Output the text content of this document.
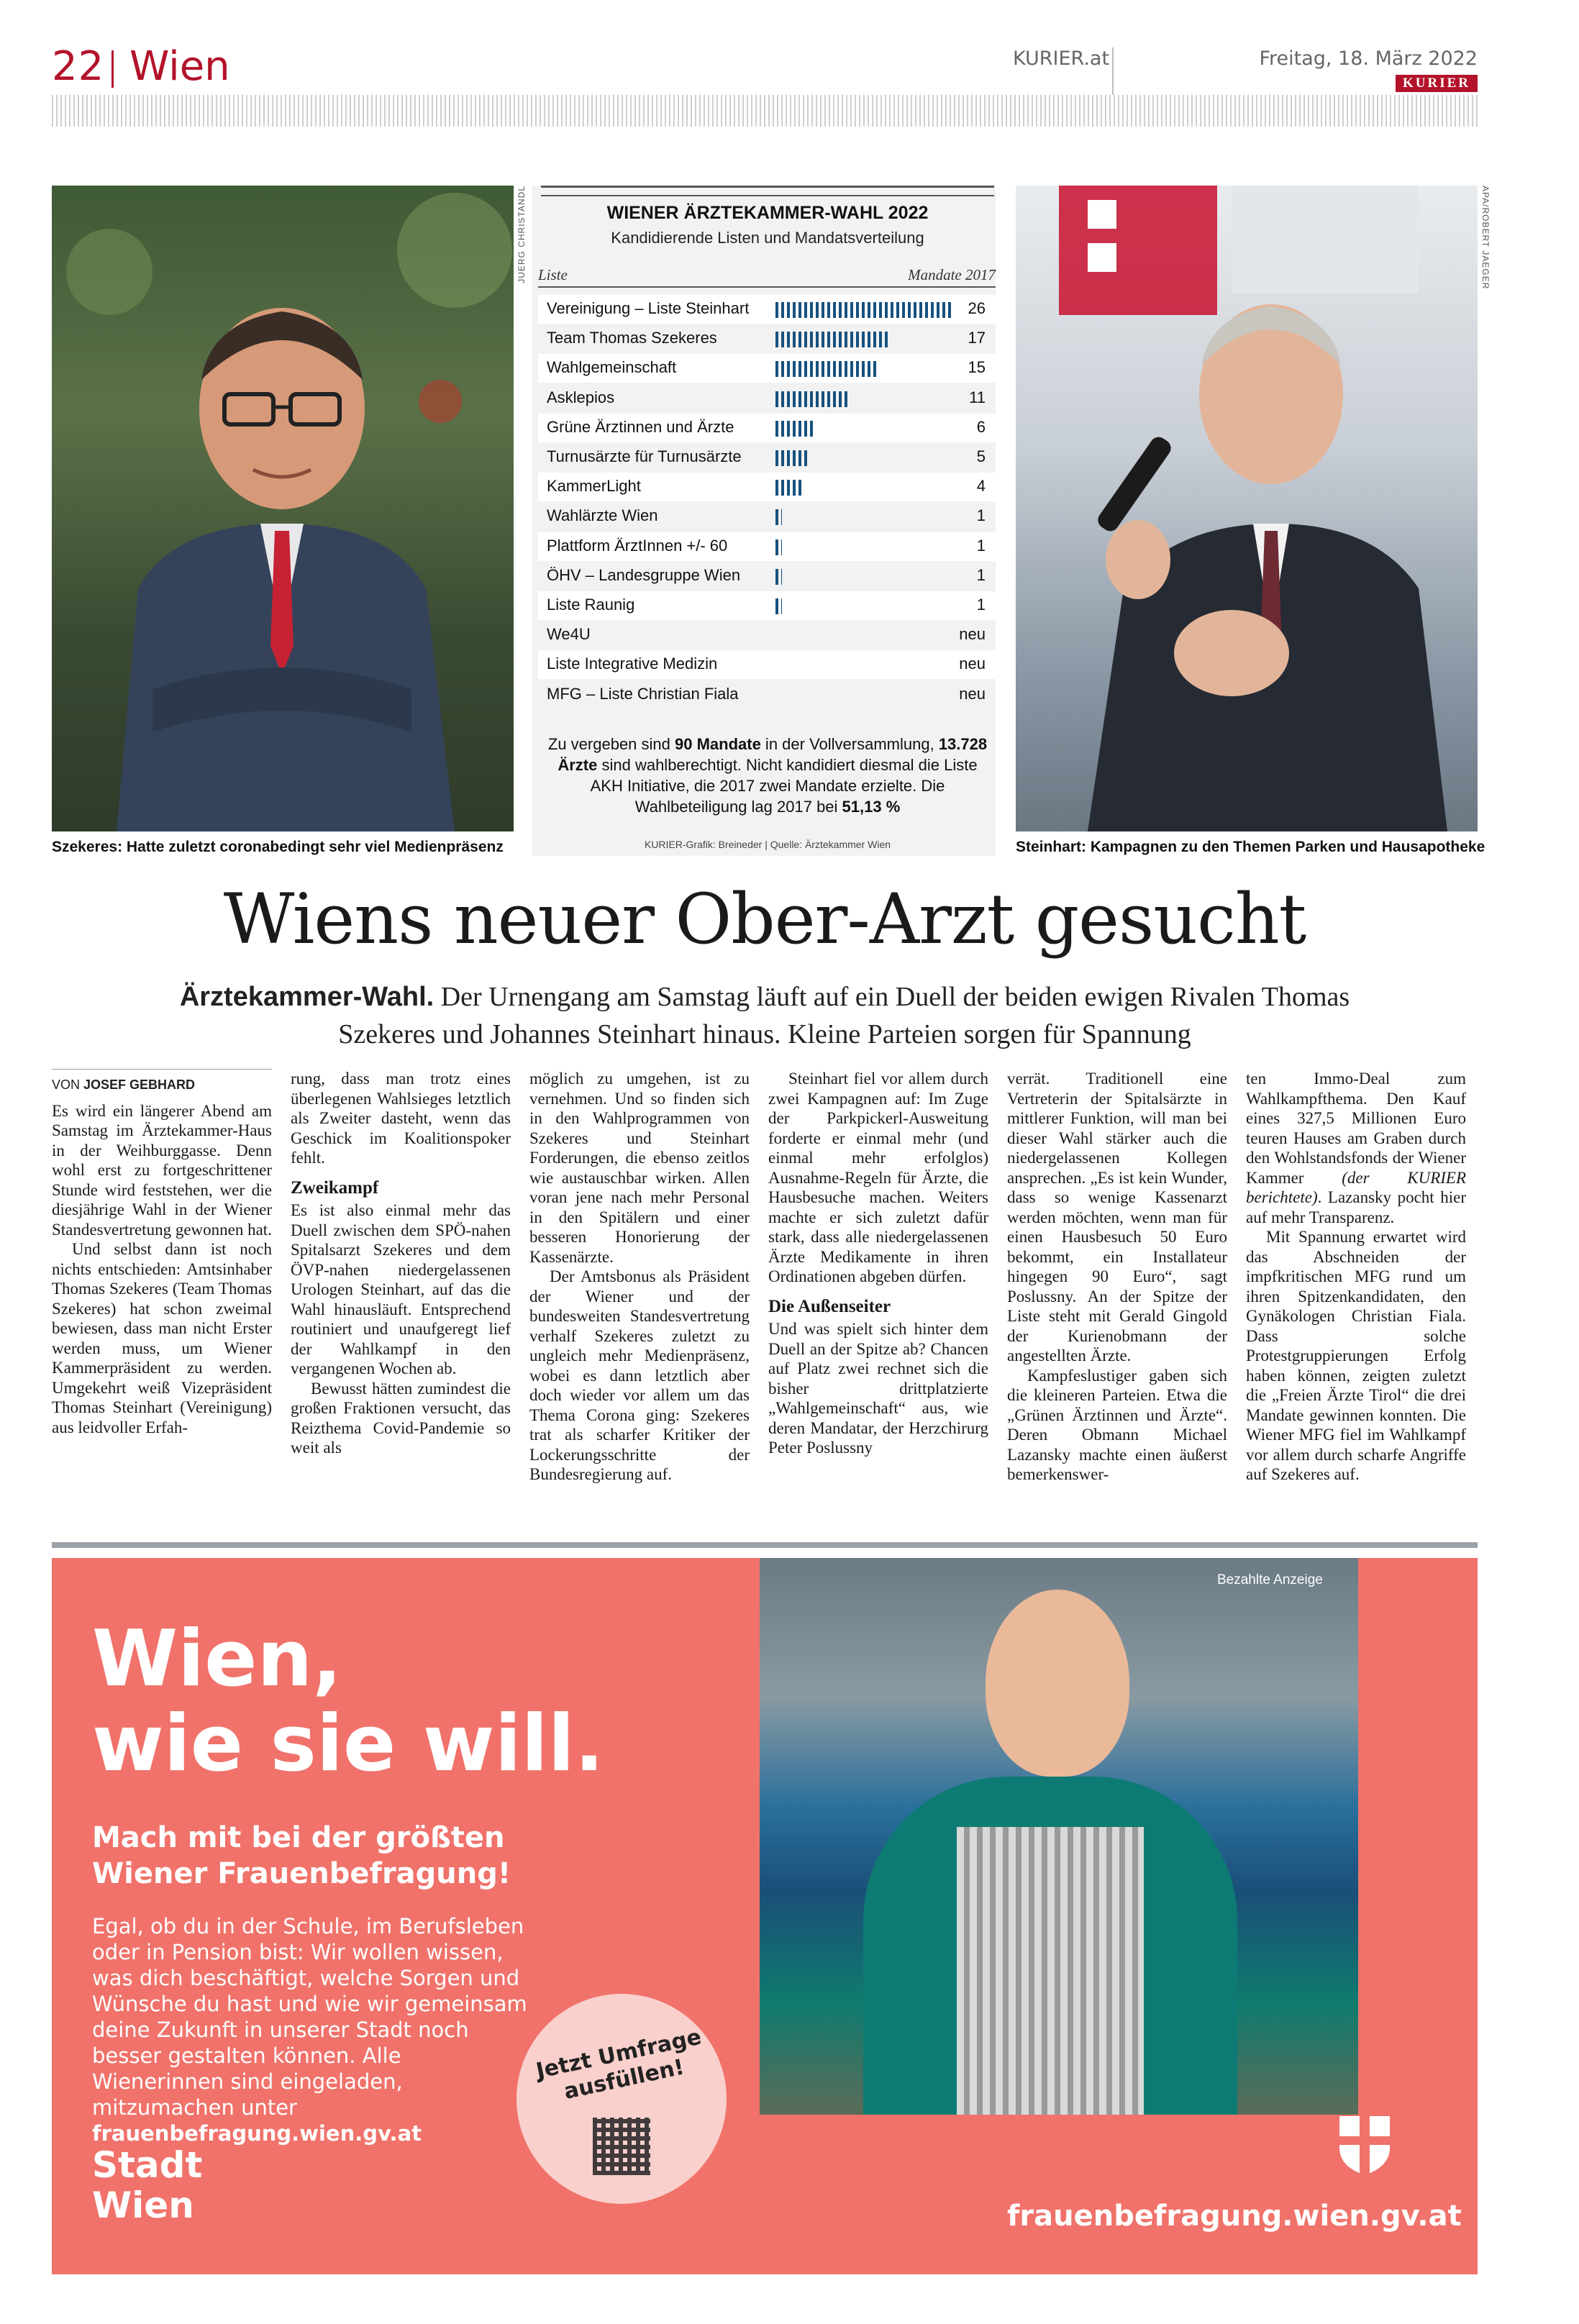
22 Wien	KURIER.at	Freitag, 18. März 2022
KURIER
JUERG CHRISTANDL
Szekeres: Hatte zuletzt coronabedingt sehr viel Medienpräsenz
WIENER ÄRZTEKAMMER-WAHL 2022
Kandidierende Listen und Mandatsverteilung
Liste	Mandate 2017
Vereinigung – Liste Steinhart	26
Team Thomas Szekeres	17
Wahlgemeinschaft	15
Asklepios	11
Grüne Ärztinnen und Ärzte	6
Turnusärzte für Turnusärzte	5
KammerLight	4
Wahlärzte Wien	1
Plattform ÄrztInnen +/- 60	1
ÖHV – Landesgruppe Wien	1
Liste Raunig	1
We4U	neu
Liste Integrative Medizin	neu
MFG – Liste Christian Fiala	neu
Zu vergeben sind 90 Mandate in der Vollversammlung, 13.728 Ärzte sind wahlberechtigt. Nicht kandidiert diesmal die Liste AKH Initiative, die 2017 zwei Mandate erzielte. Die Wahlbeteiligung lag 2017 bei 51,13 %
KURIER-Grafik: Breineder | Quelle: Ärztekammer Wien
APA/ROBERT JAEGER
Steinhart: Kampagnen zu den Themen Parken und Hausapotheke
Wiens neuer Ober-Arzt gesucht
Ärztekammer-Wahl. Der Urnengang am Samstag läuft auf ein Duell der beiden ewigen Rivalen Thomas Szekeres und Johannes Steinhart hinaus. Kleine Parteien sorgen für Spannung
VON JOSEF GEBHARD

Es wird ein längerer Abend am Samstag im Ärztekammer-Haus in der Weihburggasse. Denn wohl erst zu fortgeschrittener Stunde wird feststehen, wer die diesjährige Wahl in der Wiener Standesvertretung gewonnen hat.

Und selbst dann ist noch nichts entschieden: Amtsinhaber Thomas Szekeres (Team Thomas Szekeres) hat schon zweimal bewiesen, dass man nicht Erster werden muss, um Wiener Kammerpräsident zu werden. Umgekehrt weiß Vizepräsident Thomas Steinhart (Vereinigung) aus leidvoller Erfah-

rung, dass man trotz eines überlegenen Wahlsieges letztlich als Zweiter dasteht, wenn das Geschick im Koalitionspoker fehlt.

Zweikampf

Es ist also einmal mehr das Duell zwischen dem SPÖ-nahen Spitalsarzt Szekeres und dem ÖVP-nahen niedergelassenen Urologen Steinhart, auf das die Wahl hinausläuft. Entsprechend routiniert und unaufgeregt lief der Wahlkampf in den vergangenen Wochen ab.

Bewusst hätten zumindest die großen Fraktionen versucht, das Reizthema Covid-Pandemie so weit als

möglich zu umgehen, ist zu vernehmen. Und so finden sich in den Wahlprogrammen von Szekeres und Steinhart Forderungen, die ebenso zeitlos wie austauschbar wirken. Allen voran jene nach mehr Personal in den Spitälern und einer besseren Honorierung der Kassenärzte.

Der Amtsbonus als Präsident der Wiener und der bundesweiten Standesvertretung verhalf Szekeres zuletzt zu ungleich mehr Medienpräsenz, wobei es dann letztlich aber doch wieder vor allem um das Thema Corona ging: Szekeres trat als scharfer Kritiker der Lockerungsschritte der Bundesregierung auf.

Steinhart fiel vor allem durch zwei Kampagnen auf: Im Zuge der Parkpickerl-Ausweitung forderte er einmal mehr (und einmal mehr erfolglos) Ausnahme-Regeln für Ärzte, die Hausbesuche machen. Weiters machte er sich zuletzt dafür stark, dass alle niedergelassenen Ärzte Medikamente in ihren Ordinationen abgeben dürfen.

Die Außenseiter

Und was spielt sich hinter dem Duell an der Spitze ab? Chancen auf Platz zwei rechnet sich die bisher drittplatzierte „Wahlgemeinschaft“ aus, wie deren Mandatar, der Herzchirurg Peter Poslussny

verrät. Traditionell eine Vertreterin der Spitalsärzte in mittlerer Funktion, will man bei dieser Wahl stärker auch die niedergelassenen Kollegen ansprechen. „Es ist kein Wunder, dass so wenige Kassenarzt werden möchten, wenn man für einen Hausbesuch 50 Euro bekommt, ein Installateur hingegen 90 Euro“, sagt Poslussny. An der Spitze der Liste steht mit Gerald Gingold der Kurienobmann der angestellten Ärzte.

Kampfeslustiger gaben sich die kleineren Parteien. Etwa die „Grünen Ärztinnen und Ärzte“. Deren Obmann Michael Lazansky machte einen äußerst bemerkenswer-

ten Immo-Deal zum Wahlkampfthema. Den Kauf eines 327,5 Millionen Euro teuren Hauses am Graben durch den Wohlstandsfonds der Wiener Kammer (der KURIER berichtete). Lazansky pocht hier auf mehr Transparenz.

Mit Spannung erwartet wird das Abschneiden der impfkritischen MFG rund um ihren Spitzenkandidaten, den Gynäkologen Christian Fiala. Dass solche Protestgruppierungen Erfolg haben können, zeigten zuletzt die „Freien Ärzte Tirol“ die drei Mandate gewinnen konnten. Die Wiener MFG fiel im Wahlkampf vor allem durch scharfe Angriffe auf Szekeres auf.

Bezahlte Anzeige
Wien,
wie sie will.
Mach mit bei der größten Wiener Frauenbefragung!
Egal, ob du in der Schule, im Berufsleben oder in Pension bist: Wir wollen wissen, was dich beschäftigt, welche Sorgen und Wünsche du hast und wie wir gemeinsam deine Zukunft in unserer Stadt noch besser gestalten können. Alle Wienerinnen sind eingeladen, mitzumachen unter frauenbefragung.wien.gv.at
Jetzt Umfrage ausfüllen!
Stadt
Wien	frauenbefragung.wien.gv.at
